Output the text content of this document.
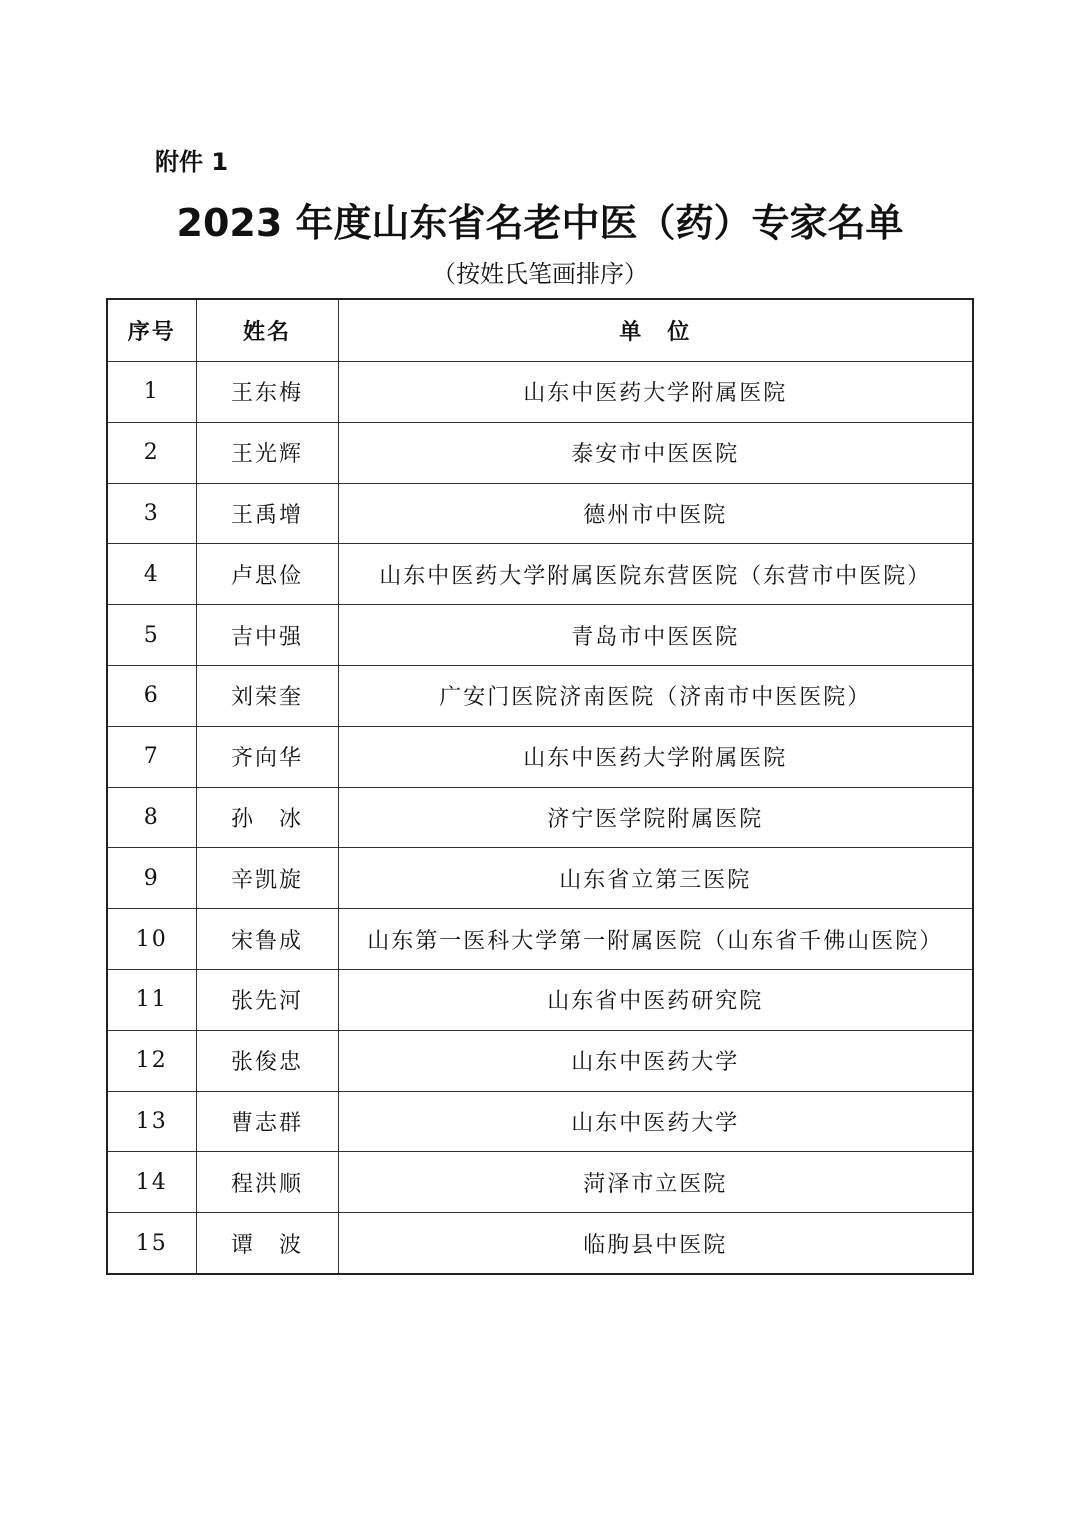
附件 1
2023 年度山东省名老中医（药）专家名单
（按姓氏笔画排序）
序号	姓名	单　位
1	王东梅	山东中医药大学附属医院
2	王光辉	泰安市中医医院
3	王禹增	德州市中医院
4	卢思俭	山东中医药大学附属医院东营医院（东营市中医院）
5	吉中强	青岛市中医医院
6	刘荣奎	广安门医院济南医院（济南市中医医院）
7	齐向华	山东中医药大学附属医院
8	孙　冰	济宁医学院附属医院
9	辛凯旋	山东省立第三医院
10	宋鲁成	山东第一医科大学第一附属医院（山东省千佛山医院）
11	张先河	山东省中医药研究院
12	张俊忠	山东中医药大学
13	曹志群	山东中医药大学
14	程洪顺	菏泽市立医院
15	谭　波	临朐县中医院
